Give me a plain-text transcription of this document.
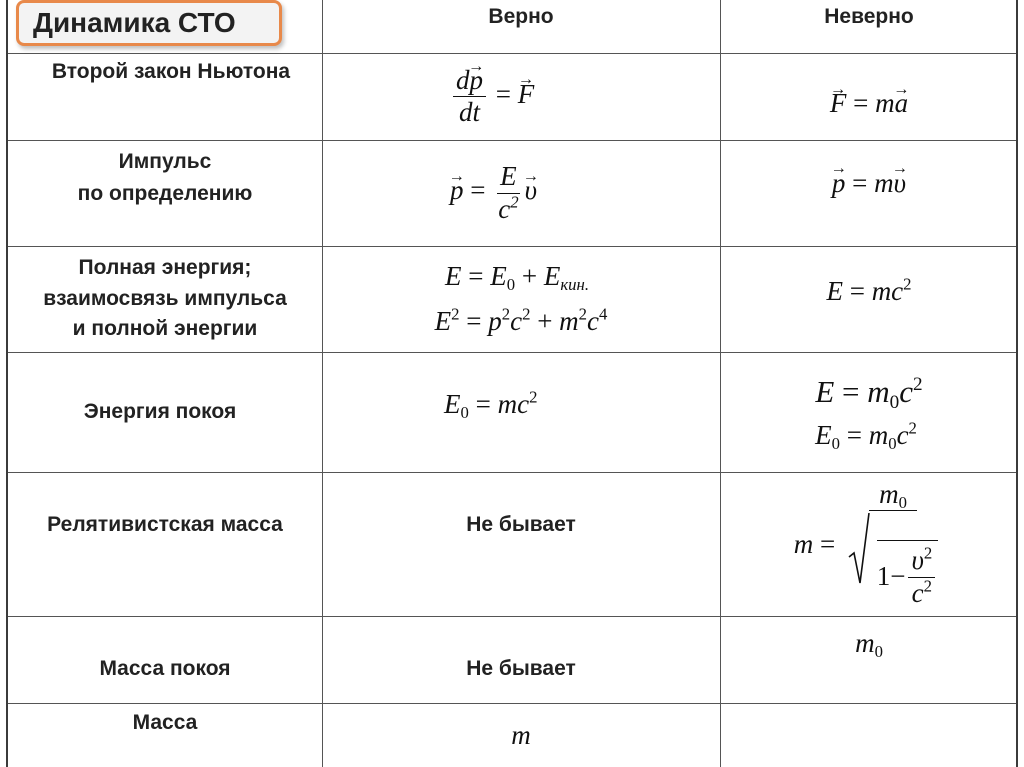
Динамика СТО	Верно	Неверно
Второй закон Ньютона	$\frac{d\to p}{dt}$ = → F
→	F = m→ a
Импульс
по определению
→	$p = \frac{E}{c^2}$
→ υ
→	p = m→ υ
Полная энергия;
взаимосвязь импульса
и полной энергии
$E = E_0 + E_{кин.}$
$E^2 = p^2c^2 + m^2c^4$
$E = mc^2$
Энергия покоя	$E_0 = mc^2$	$E = m_0c^2$
$E_0 = m_0c^2$
Релятивистская масса	Не бывает
$m = \frac{m_0}{1- \frac{\upsilon^2}{c^2}}$
Масса покоя	Не бывает
$m_0$
Масса	m
